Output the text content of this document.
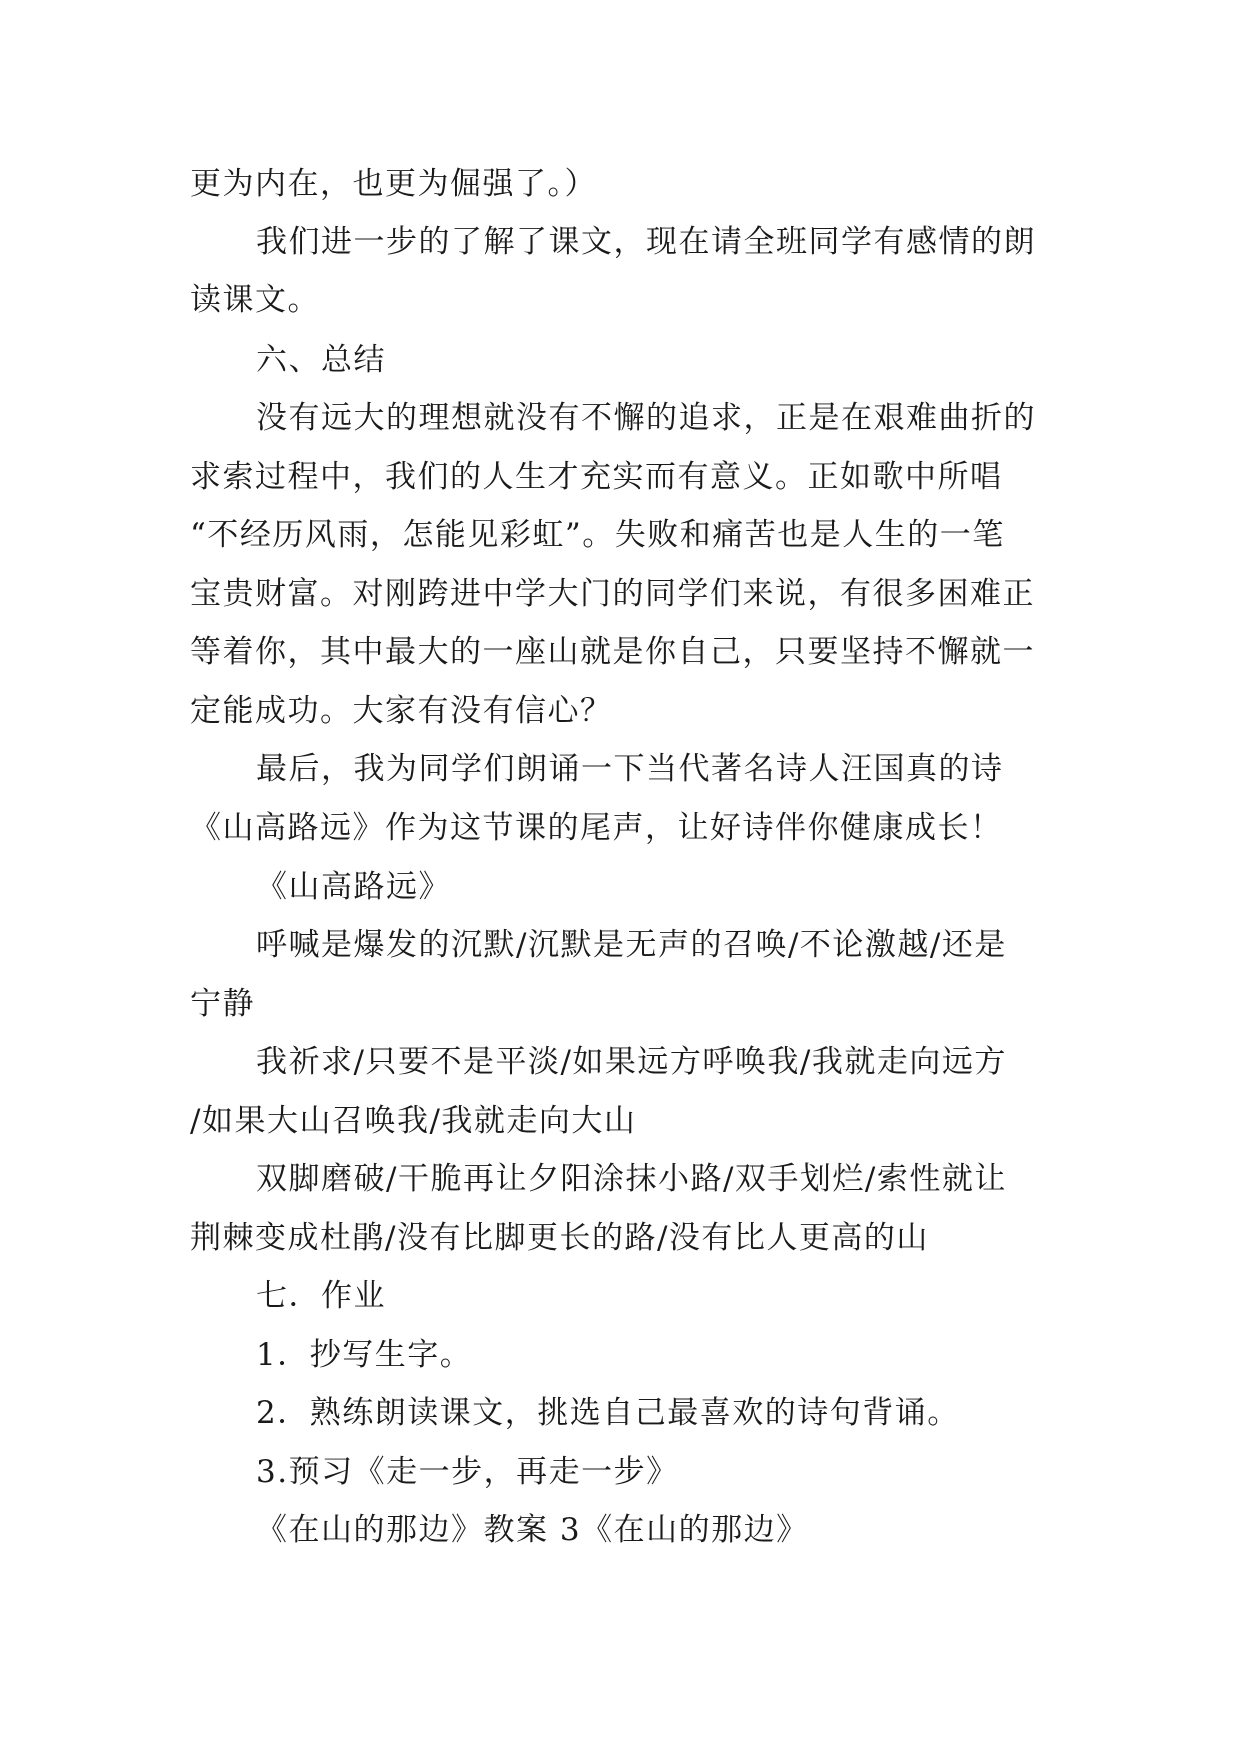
更为内在，也更为倔强了。）
我们进一步的了解了课文，现在请全班同学有感情的朗
读课文。
六、总结
没有远大的理想就没有不懈的追求，正是在艰难曲折的
求索过程中，我们的人生才充实而有意义。正如歌中所唱
“不经历风雨，怎能见彩虹”。失败和痛苦也是人生的一笔
宝贵财富。对刚跨进中学大门的同学们来说，有很多困难正
等着你，其中最大的一座山就是你自己，只要坚持不懈就一
定能成功。大家有没有信心？
最后，我为同学们朗诵一下当代著名诗人汪国真的诗
《山高路远》作为这节课的尾声，让好诗伴你健康成长！
《山高路远》
呼喊是爆发的沉默/沉默是无声的召唤/不论激越/还是
宁静
我祈求/只要不是平淡/如果远方呼唤我/我就走向远方
/如果大山召唤我/我就走向大山
双脚磨破/干脆再让夕阳涂抹小路/双手划烂/索性就让
荆棘变成杜鹃/没有比脚更长的路/没有比人更高的山
七．作业
1．抄写生字。
2．熟练朗读课文，挑选自己最喜欢的诗句背诵。
3.预习《走一步，再走一步》
《在山的那边》教案 3《在山的那边》
